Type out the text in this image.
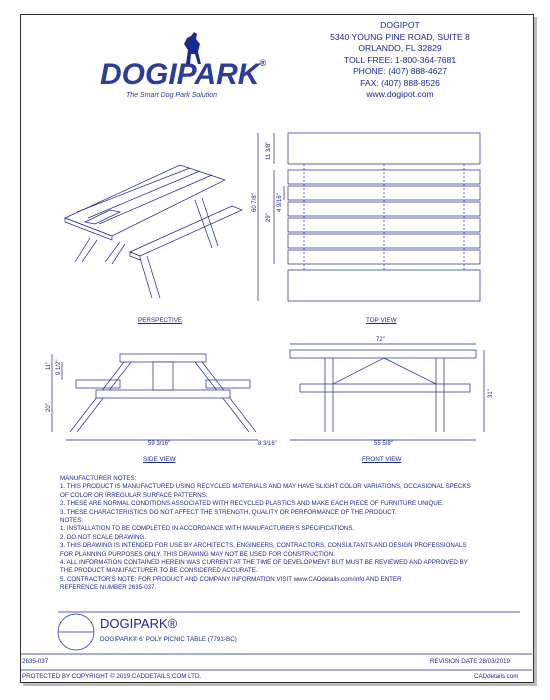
DOGIPARK®
The Smart Dog Park Solution
DOGIPOT
5340 YOUNG PINE ROAD, SUITE 8
ORLANDO, FL 32829
TOLL FREE: 1-800-364-7681
PHONE: (407) 888-4627
FAX: (407) 888-8526
www.dogipot.com
PERSPECTIVE	TOP VIEW
SIDE VIEW	FRONT VIEW
60 7/8"
11 3/8"
29"
4 9/16"
11" 9 1/2"
20"
59 3/16"
72"
31"
8 3/16"	55 5/8"
MANUFACTURER NOTES:
1. THIS PRODUCT IS MANUFACTURED USING RECYCLED MATERIALS AND MAY HAVE SLIGHT COLOR VARIATIONS, OCCASIONAL SPECKS
OF COLOR OR IRREGULAR SURFACE PATTERNS.
2. THESE ARE NORMAL CONDITIONS ASSOCIATED WITH RECYCLED PLASTICS AND MAKE EACH PIECE OF FURNITURE UNIQUE.
3. THESE CHARACTERISTICS DO NOT AFFECT THE STRENGTH, QUALITY OR PERFORMANCE OF THE PRODUCT.
NOTES:
1. INSTALLATION TO BE COMPLETED IN ACCORDANCE WITH MANUFACTURER'S SPECIFICATIONS.
2. DO NOT SCALE DRAWING.
3. THIS DRAWING IS INTENDED FOR USE BY ARCHITECTS, ENGINEERS, CONTRACTORS, CONSULTANTS AND DESIGN PROFESSIONALS
FOR PLANNING PURPOSES ONLY. THIS DRAWING MAY NOT BE USED FOR CONSTRUCTION.
4. ALL INFORMATION CONTAINED HEREIN WAS CURRENT AT THE TIME OF DEVELOPMENT BUT MUST BE REVIEWED AND APPROVED BY
THE PRODUCT MANUFACTURER TO BE CONSIDERED ACCURATE.
5. CONTRACTOR'S NOTE: FOR PRODUCT AND COMPANY INFORMATION VISIT www.CADdetails.com/info AND ENTER
REFERENCE NUMBER 2635-037.
DOGIPARK®
DOGIPARK® 6' POLY PICNIC TABLE (7791-BC)
2635-037	REVISION DATE 28/03/2019
PROTECTED BY COPYRIGHT © 2019 CADDETAILS.COM LTD.	CADdetails.com
